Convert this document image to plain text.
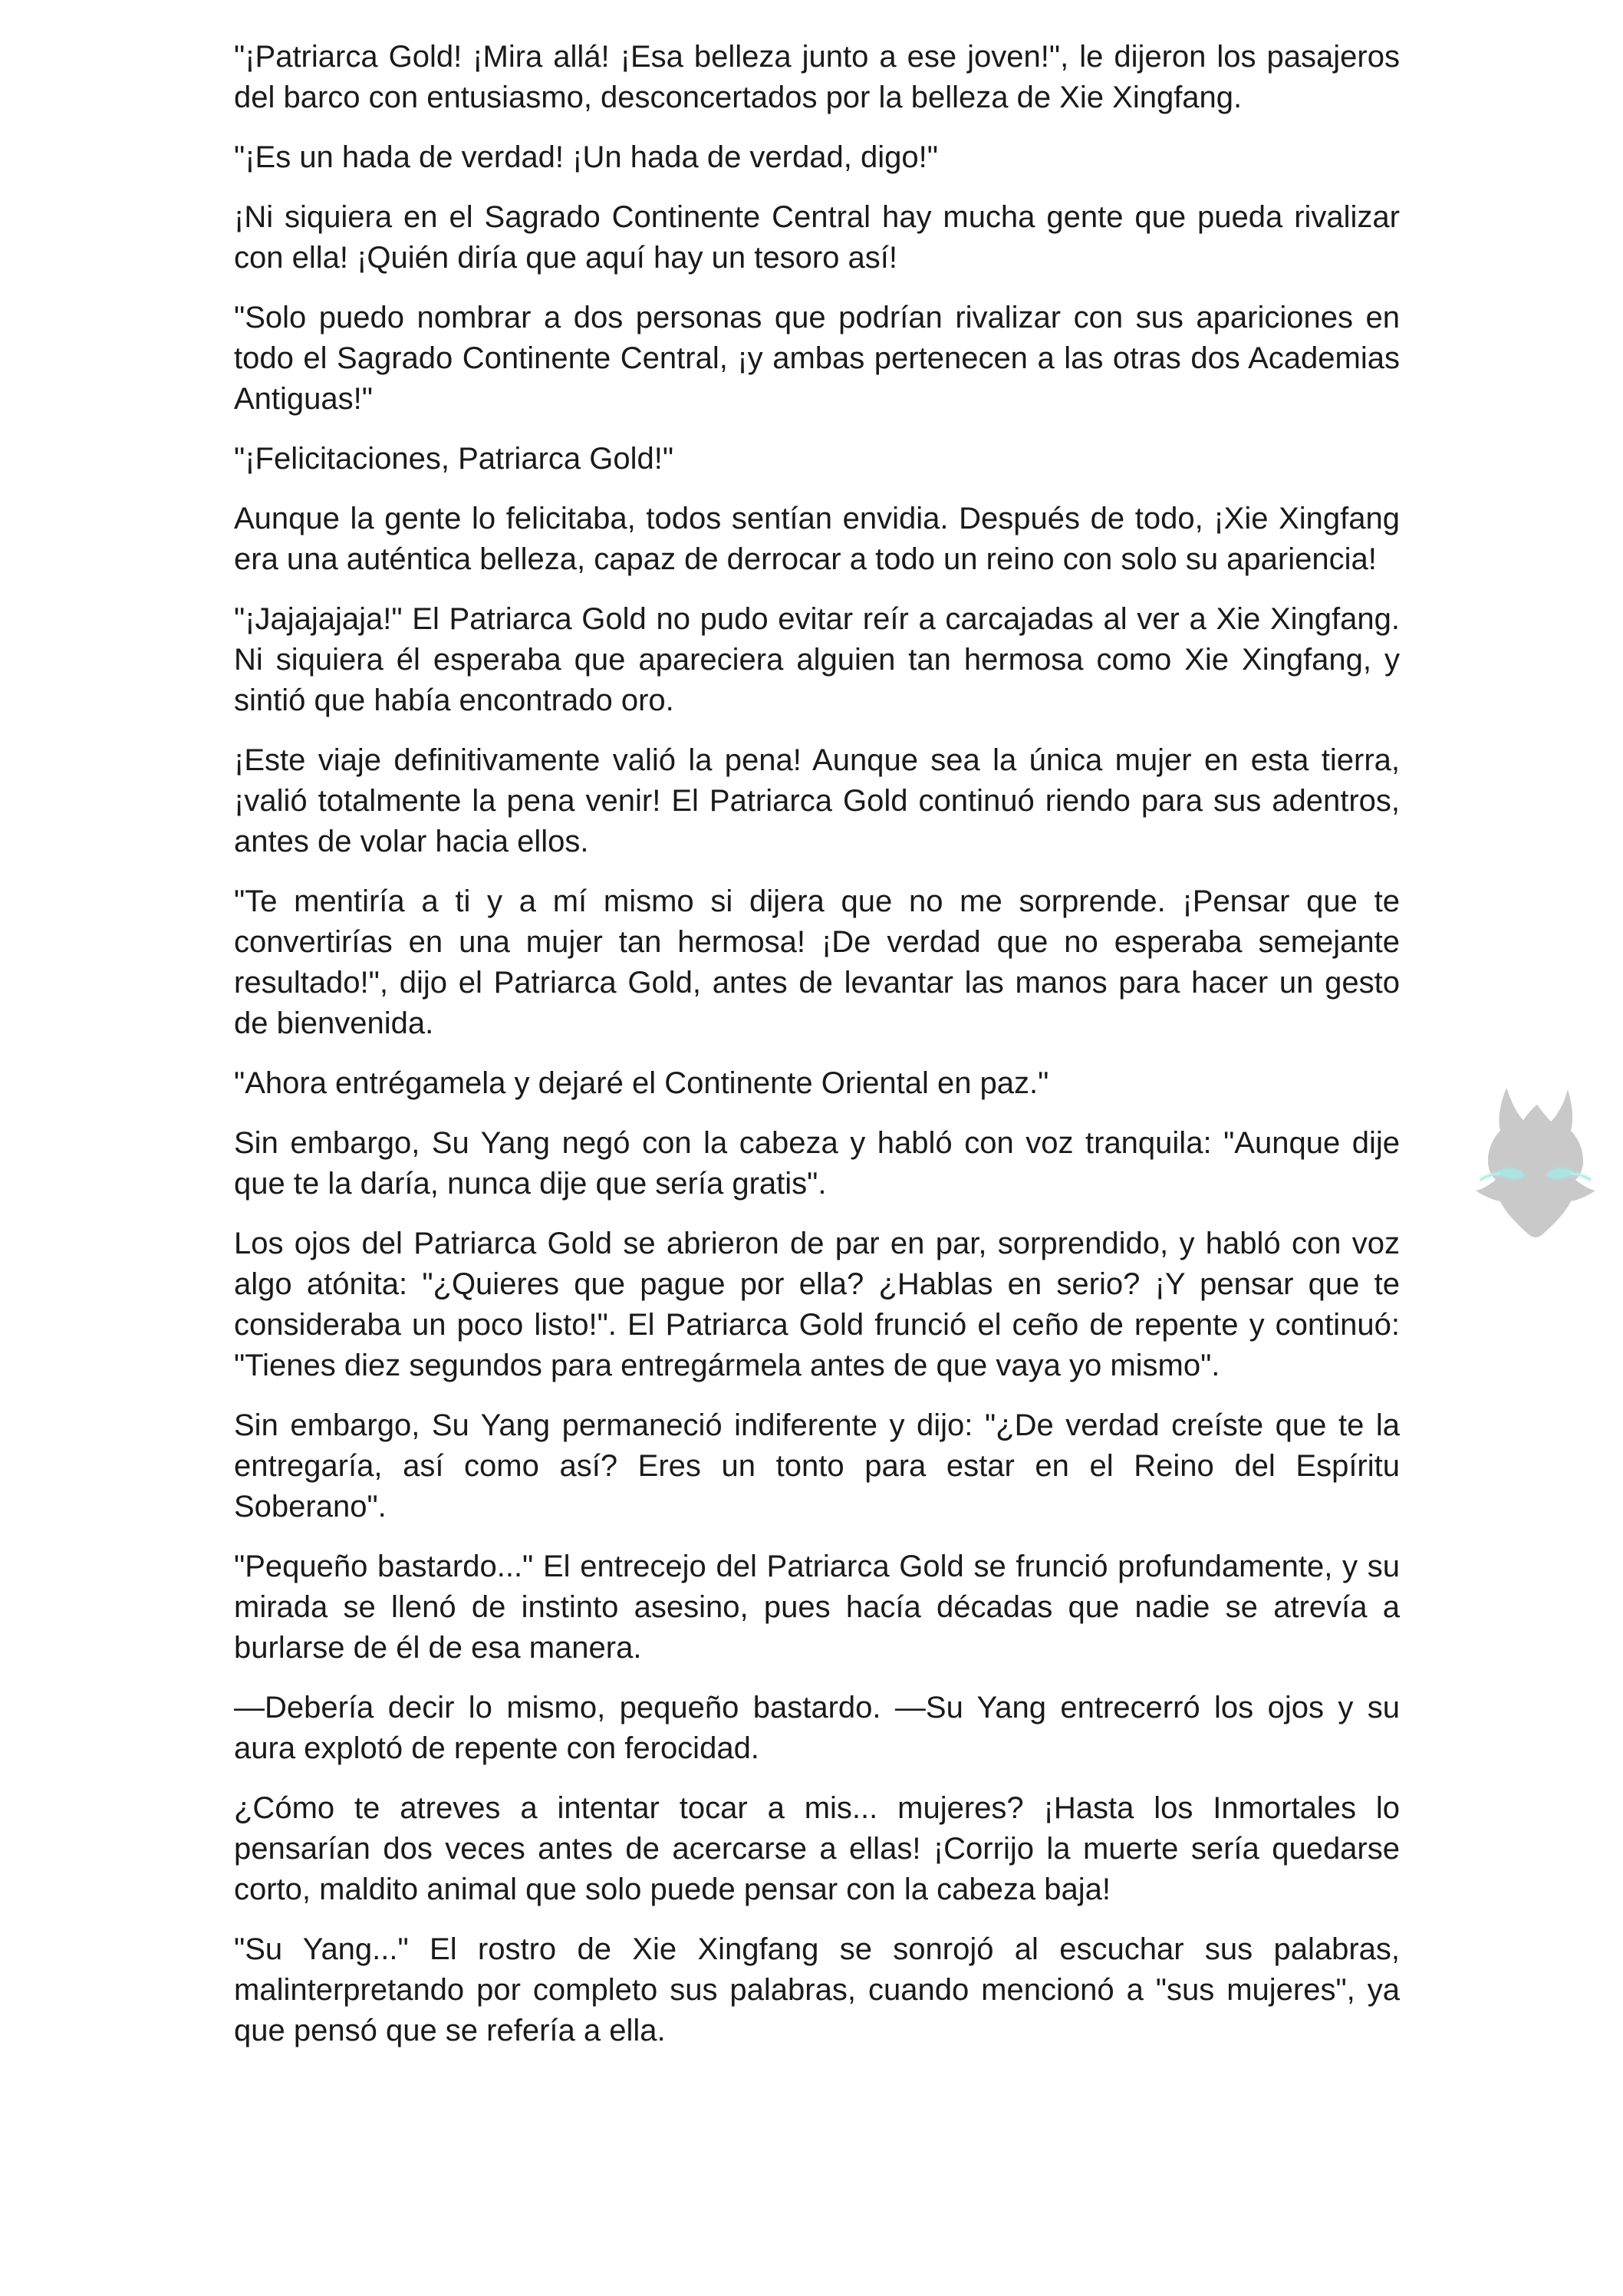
"¡Patriarca Gold! ¡Mira allá! ¡Esa belleza junto a ese joven!", le dijeron los pasajeros del barco con entusiasmo, desconcertados por la belleza de Xie Xingfang.

"¡Es un hada de verdad! ¡Un hada de verdad, digo!"

¡Ni siquiera en el Sagrado Continente Central hay mucha gente que pueda rivalizar con ella! ¡Quién diría que aquí hay un tesoro así!

"Solo puedo nombrar a dos personas que podrían rivalizar con sus apariciones en todo el Sagrado Continente Central, ¡y ambas pertenecen a las otras dos Academias Antiguas!"

"¡Felicitaciones, Patriarca Gold!"

Aunque la gente lo felicitaba, todos sentían envidia. Después de todo, ¡Xie Xingfang era una auténtica belleza, capaz de derrocar a todo un reino con solo su apariencia!

"¡Jajajajaja!" El Patriarca Gold no pudo evitar reír a carcajadas al ver a Xie Xingfang. Ni siquiera él esperaba que apareciera alguien tan hermosa como Xie Xingfang, y sintió que había encontrado oro.

¡Este viaje definitivamente valió la pena! Aunque sea la única mujer en esta tierra, ¡valió totalmente la pena venir! El Patriarca Gold continuó riendo para sus adentros, antes de volar hacia ellos.

"Te mentiría a ti y a mí mismo si dijera que no me sorprende. ¡Pensar que te convertirías en una mujer tan hermosa! ¡De verdad que no esperaba semejante resultado!", dijo el Patriarca Gold, antes de levantar las manos para hacer un gesto de bienvenida.

"Ahora entrégamela y dejaré el Continente Oriental en paz."

Sin embargo, Su Yang negó con la cabeza y habló con voz tranquila: "Aunque dije que te la daría, nunca dije que sería gratis".

Los ojos del Patriarca Gold se abrieron de par en par, sorprendido, y habló con voz algo atónita: "¿Quieres que pague por ella? ¿Hablas en serio? ¡Y pensar que te consideraba un poco listo!". El Patriarca Gold frunció el ceño de repente y continuó: "Tienes diez segundos para entregármela antes de que vaya yo mismo".

Sin embargo, Su Yang permaneció indiferente y dijo: "¿De verdad creíste que te la entregaría, así como así? Eres un tonto para estar en el Reino del Espíritu Soberano".

"Pequeño bastardo..." El entrecejo del Patriarca Gold se frunció profundamente, y su mirada se llenó de instinto asesino, pues hacía décadas que nadie se atrevía a burlarse de él de esa manera.

—Debería decir lo mismo, pequeño bastardo. —Su Yang entrecerró los ojos y su aura explotó de repente con ferocidad.

¿Cómo te atreves a intentar tocar a mis... mujeres? ¡Hasta los Inmortales lo pensarían dos veces antes de acercarse a ellas! ¡Corrijo la muerte sería quedarse corto, maldito animal que solo puede pensar con la cabeza baja!

"Su Yang..." El rostro de Xie Xingfang se sonrojó al escuchar sus palabras, malinterpretando por completo sus palabras, cuando mencionó a "sus mujeres", ya que pensó que se refería a ella.
